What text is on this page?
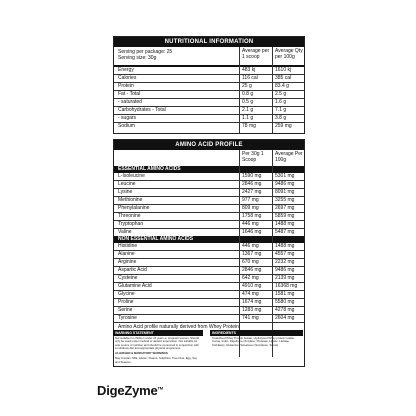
NUTRITIONAL INFORMATION
Serving per package: 25
Serving size: 30g
Average per 1 scoop
Average Qty per 100g
Energy	483 kj	1610 kj
Calories	116 cal	385 cal
Protein	25 g	83.4 g
Fat - Total	0.8 g	2.5 g
- saturated	0.5 g	1.6 g
Carbohydrates - Total	2.1 g	7.1 g
- sugars	1.1 g	3.8 g
Sodium	78 mg	259 mg
AMINO ACID PROFILE
Per 30g 1 Scoop
Average Per 100g
ESSENTIAL AMINO ACIDS
L-Isoleucine	1590 mg	5301 mg
Leucine	2846 mg	9486 mg
Lysine	2427 mg	8091 mg
Methionine	977 mg	3255 mg
Phenylalanine	809 mg	2697 mg
Threonine	1758 mg	5859 mg
Tryptophan	446 mg	1488 mg
Valine	1646 mg	5487 mg
NON ESSENTIAL AMINO ACIDS
Histidine	446 mg	1488 mg
Alanine	1367 mg	4557 mg
Arginine	670 mg	2232 mg
Aspartic Acid	2846 mg	9486 mg
Cysteine	642 mg	2139 mg
Glutamine Acid	4910 mg	16368 mg
Glycine	474 mg	1581 mg
Proline	1674 mg	5580 mg
Serine	1283 mg	4278 mg
Tyrosine	741 mg	2604 mg
Amino Acid profile naturally derived from Whey Protein
WARNING STATEMENT
Not suitable for children under 15 years or pregnant women. Should only be used under medical or dietetic supervision. Not suitable as sole source of nutrition and should be consumed in conjunction with a nutritious diet and appropriate physical programme.
ALLERGEN & MANDATORY WARNINGS
May Contain: Milk, Gluten, Peanut, Sulphites, Tree Nuts, Egg, Soy and Sesame.
INGREDIENTS
Instantised Whey Protein Isolate, Hydrolysed Whey protein Isolate, Cocoa, Inulin, DigeZyme (Amylase, Protease, Lipase, Lactase, Cellulase), Glutamine, Sweetener (Sucralose, Stevia).
DigeZyme™
